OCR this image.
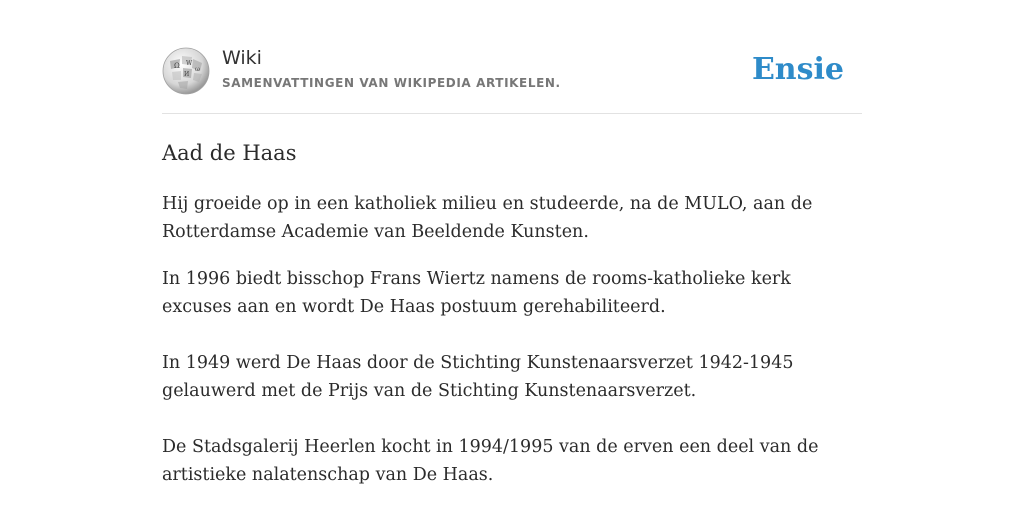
Ω W
И
ω
Wiki
SAMENVATTINGEN VAN WIKIPEDIA ARTIKELEN.	Ensie
Aad de Haas

Hij groeide op in een katholiek milieu en studeerde, na de MULO, aan de Rotterdamse Academie van Beeldende Kunsten.

In 1996 biedt bisschop Frans Wiertz namens de rooms-katholieke kerk excuses aan en wordt De Haas postuum gerehabiliteerd.

In 1949 werd De Haas door de Stichting Kunstenaarsverzet 1942-1945 gelauwerd met de Prijs van de Stichting Kunstenaarsverzet.

De Stadsgalerij Heerlen kocht in 1994/1995 van de erven een deel van de artistieke nalatenschap van De Haas.
